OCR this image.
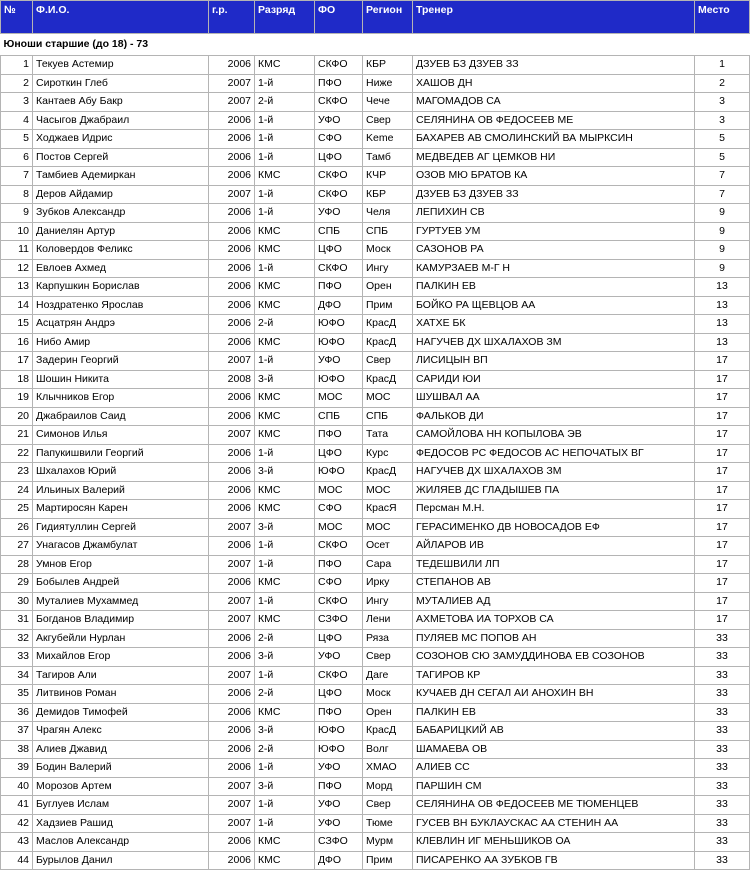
№	Ф.И.О.	г.р.	Разряд	ФО	Регион	Тренер	Место
Юноши старшие (до 18) - 73							
1	Текуев Астемир	2006	КМС	СКФО	КБР	ДЗУЕВ БЗ ДЗУЕВ ЗЗ	1
2	Сироткин Глеб	2007	1-й	ПФО	Ниже	ХАШОВ ДН	2
3	Кантаев Абу Бакр	2007	2-й	СКФО	Чече	МАГОМАДОВ СА	3
4	Часыгов Джабраил	2006	1-й	УФО	Свер	СЕЛЯНИНА ОВ ФЕДОСЕЕВ МЕ	3
5	Ходжаев Идрис	2006	1-й	СФО	Keme	БАХАРЕВ АВ СМОЛИНСКИЙ ВА МЫРКСИН	5
6	Постов Сергей	2006	1-й	ЦФО	Тамб	МЕДВЕДЕВ АГ ЦЕМКОВ НИ	5
7	Тамбиев Адемиркан	2006	КМС	СКФО	КЧР	ОЗОВ МЮ БРАТОВ КА	7
8	Деров Айдамир	2007	1-й	СКФО	КБР	ДЗУЕВ БЗ ДЗУЕВ ЗЗ	7
9	Зубков Александр	2006	1-й	УФО	Челя	ЛЕПИХИН СВ	9
10	Даниелян Артур	2006	КМС	СПБ	СПБ	ГУРТУЕВ УМ	9
11	Коловердов Феликс	2006	КМС	ЦФО	Моск	САЗОНОВ РА	9
12	Евлоев Ахмед	2006	1-й	СКФО	Ингу	КАМУРЗАЕВ М-Г Н	9
13	Карпушкин Борислав	2006	КМС	ПФО	Орен	ПАЛКИН ЕВ	13
14	Ноздратенко Ярослав	2006	КМС	ДФО	Прим	БОЙКО РА ЩЕВЦОВ АА	13
15	Асцатрян Андрэ	2006	2-й	ЮФО	КрасД	ХАТХЕ БК	13
16	Нибо Амир	2006	КМС	ЮФО	КрасД	НАГУЧЕВ ДХ ШХАЛАХОВ ЗМ	13
17	Задерин Георгий	2007	1-й	УФО	Свер	ЛИСИЦЫН ВП	17
18	Шошин Никита	2008	3-й	ЮФО	КрасД	САРИДИ ЮИ	17
19	Клычников Егор	2006	КМС	МОС	МОС	ШУШВАЛ АА	17
20	Джабраилов Саид	2006	КМС	СПБ	СПБ	ФАЛЬКОВ ДИ	17
21	Симонов Илья	2007	КМС	ПФО	Тата	САМОЙЛОВА НН КОПЫЛОВА ЭВ	17
22	Папукишвили Георгий	2006	1-й	ЦФО	Курс	ФЕДОСОВ РС ФЕДОСОВ АС НЕПОЧАТЫХ ВГ	17
23	Шхалахов Юрий	2006	3-й	ЮФО	КрасД	НАГУЧЕВ ДХ ШХАЛАХОВ ЗМ	17
24	Ильиных Валерий	2006	КМС	МОС	МОС	ЖИЛЯЕВ ДС ГЛАДЫШЕВ ПА	17
25	Мартиросян Карен	2006	КМС	СФО	КрасЯ	Персман М.Н.	17
26	Гидиятуллин Сергей	2007	3-й	МОС	МОС	ГЕРАСИМЕНКО ДВ НОВОСАДОВ ЕФ	17
27	Унагасов Джамбулат	2006	1-й	СКФО	Осет	АЙЛАРОВ ИВ	17
28	Умнов Егор	2007	1-й	ПФО	Сара	ТЕДЕШВИЛИ ЛП	17
29	Бобылев Андрей	2006	КМС	СФО	Ирку	СТЕПАНОВ АВ	17
30	Муталиев Мухаммед	2007	1-й	СКФО	Ингу	МУТАЛИЕВ АД	17
31	Богданов Владимир	2007	КМС	СЗФО	Лени	АХМЕТОВА ИА ТОРХОВ СА	17
32	Акгубейли Нурлан	2006	2-й	ЦФО	Ряза	ПУЛЯЕВ МС ПОПОВ АН	33
33	Михайлов Егор	2006	3-й	УФО	Свер	СОЗОНОВ СЮ ЗАМУДДИНОВА ЕВ СОЗОНОВ	33
34	Тагиров Али	2007	1-й	СКФО	Даге	ТАГИРОВ КР	33
35	Литвинов Роман	2006	2-й	ЦФО	Моск	КУЧАЕВ ДН СЕГАЛ АИ АНОХИН ВН	33
36	Демидов Тимофей	2006	КМС	ПФО	Орен	ПАЛКИН ЕВ	33
37	Чрагян Алекс	2006	3-й	ЮФО	КрасД	БАБАРИЦКИЙ АВ	33
38	Алиев Джавид	2006	2-й	ЮФО	Волг	ШАМАЕВА ОВ	33
39	Бодин Валерий	2006	1-й	УФО	ХМАО	АЛИЕВ СС	33
40	Морозов Артем	2007	3-й	ПФО	Морд	ПАРШИН СМ	33
41	Буглуев Ислам	2007	1-й	УФО	Свер	СЕЛЯНИНА ОВ ФЕДОСЕЕВ МЕ ТЮМЕНЦЕВ	33
42	Хадзиев Рашид	2007	1-й	УФО	Тюме	ГУСЕВ ВН БУКЛАУСКАС АА СТЕНИН АА	33
43	Маслов Александр	2006	КМС	СЗФО	Мурм	КЛЕВЛИН ИГ МЕНЬШИКОВ ОА	33
44	Бурылов Данил	2006	КМС	ДФО	Прим	ПИСАРЕНКО АА ЗУБКОВ ГВ	33
